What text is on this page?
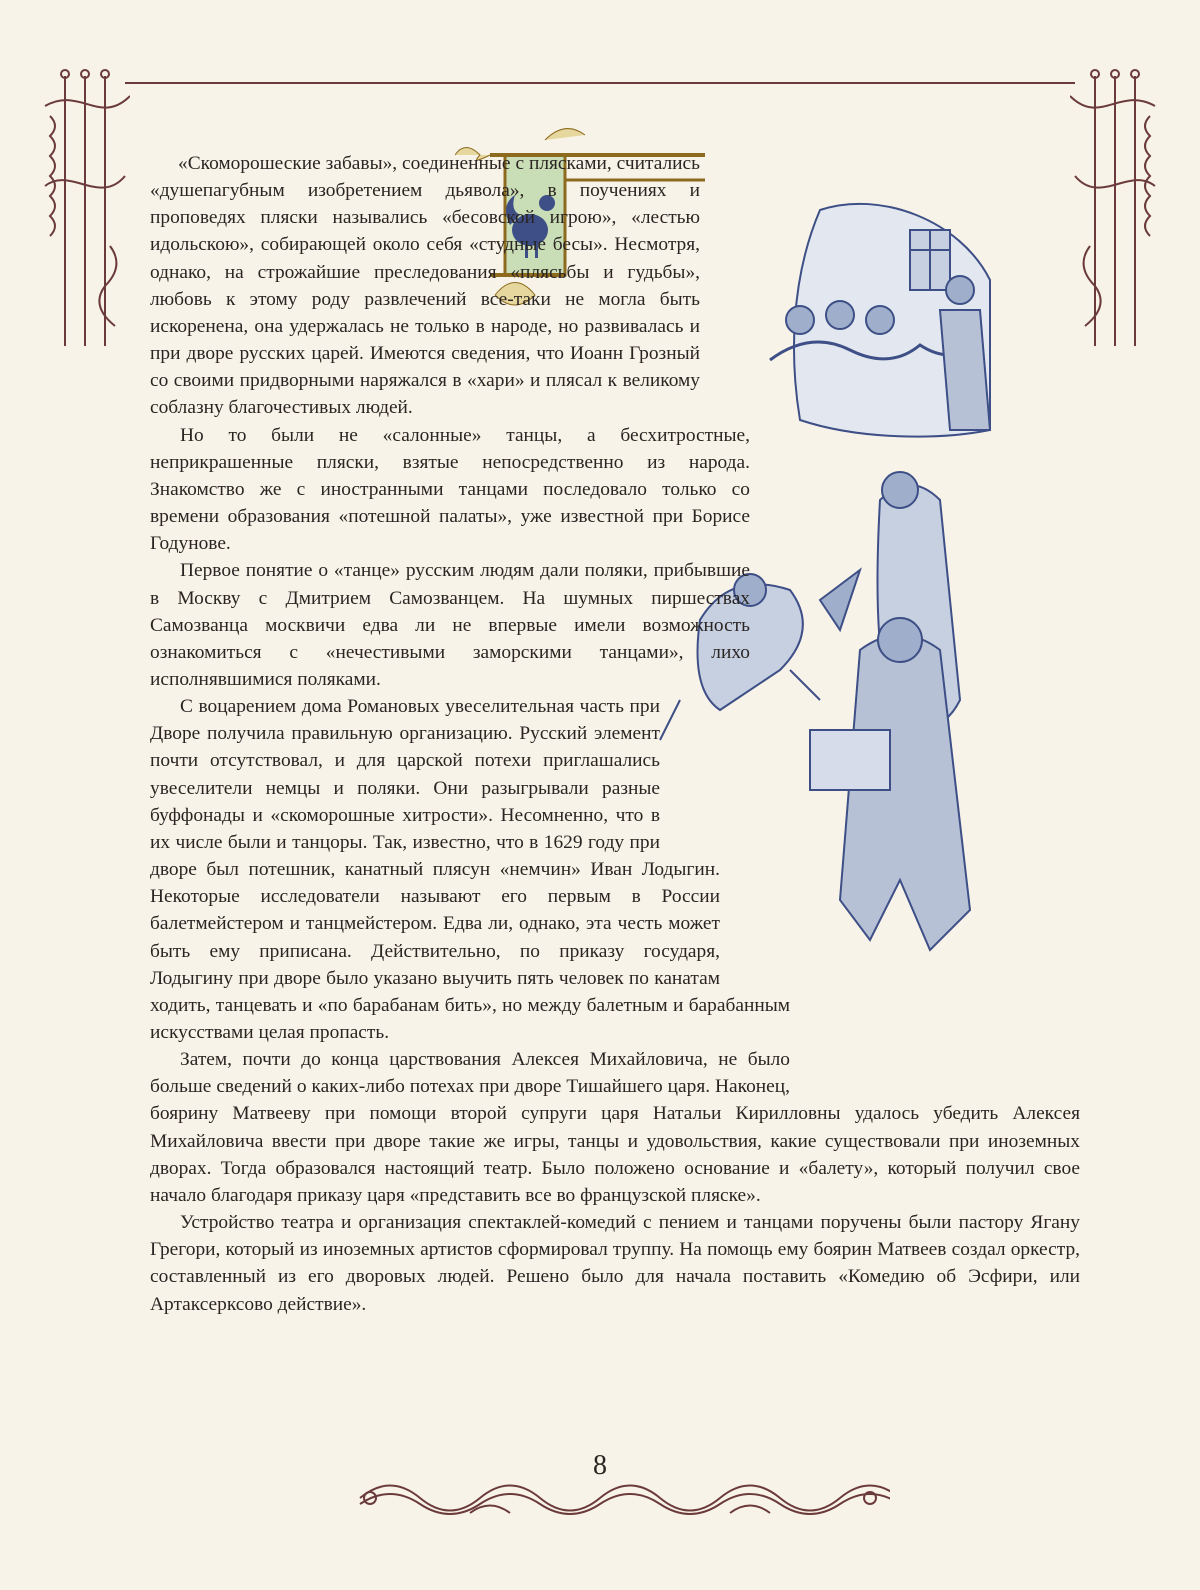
«Скоморошеские забавы», соединенные с плясками, считались «душепагубным изобретением дьявола», в поучениях и проповедях пляски назывались «бесовской игрою», «лестью идольскою», собирающей около себя «студные бесы». Несмотря, однако, на строжайшие преследования «плясьбы и гудьбы», любовь к этому роду развлечений все-таки не могла быть искоренена, она удержалась не только в народе, но развивалась и при дворе русских царей. Имеются сведения, что Иоанн Грозный со своими придворными наряжался в «хари» и плясал к великому соблазну благочестивых людей.

Но то были не «салонные» танцы, а бесхитростные, неприкрашенные пляски, взятые непосредственно из народа. Знакомство же с иностранными танцами последовало только со времени образования «потешной палаты», уже известной при Борисе Годунове.

Первое понятие о «танце» русским людям дали поляки, прибывшие в Москву с Дмитрием Самозванцем. На шумных пиршествах Самозванца москвичи едва ли не впервые имели возможность ознакомиться с «нечестивыми заморскими танцами», лихо исполнявшимися поляками.

С воцарением дома Романовых увеселительная часть при Дворе получила правильную организацию. Русский элемент почти отсутствовал, и для царской потехи приглашались увеселители немцы и поляки. Они разыгрывали разные буффонады и «скоморошные хитрости». Несомненно, что в их числе были и танцоры. Так, известно, что в 1629 году при дворе был потешник, канатный плясун «немчин» Иван Лодыгин. Некоторые исследователи называют его первым в России балетмейстером и танцмейстером. Едва ли, однако, эта честь может быть ему приписана. Действительно, по приказу государя, Лодыгину при дворе было указано выучить пять человек по канатам ходить, танцевать и «по барабанам бить», но между балетным и барабанным искусствами целая пропасть.

Затем, почти до конца царствования Алексея Михайловича, не было больше сведений о каких-либо потехах при дворе Тишайшего царя. Наконец, боярину Матвееву при помощи второй супруги царя Натальи Кирилловны удалось убедить Алексея Михайловича ввести при дворе такие же игры, танцы и удовольствия, какие существовали при иноземных дворах. Тогда образовался настоящий театр. Было положено основание и «балету», который получил свое начало благодаря приказу царя «представить все во французской пляске».

Устройство театра и организация спектаклей-комедий с пением и танцами поручены были пастору Ягану Грегори, который из иноземных артистов сформировал труппу. На помощь ему боярин Матвеев создал оркестр, составленный из его дворовых людей. Решено было для начала поставить «Комедию об Эсфири, или Артаксерксово действие».

8
